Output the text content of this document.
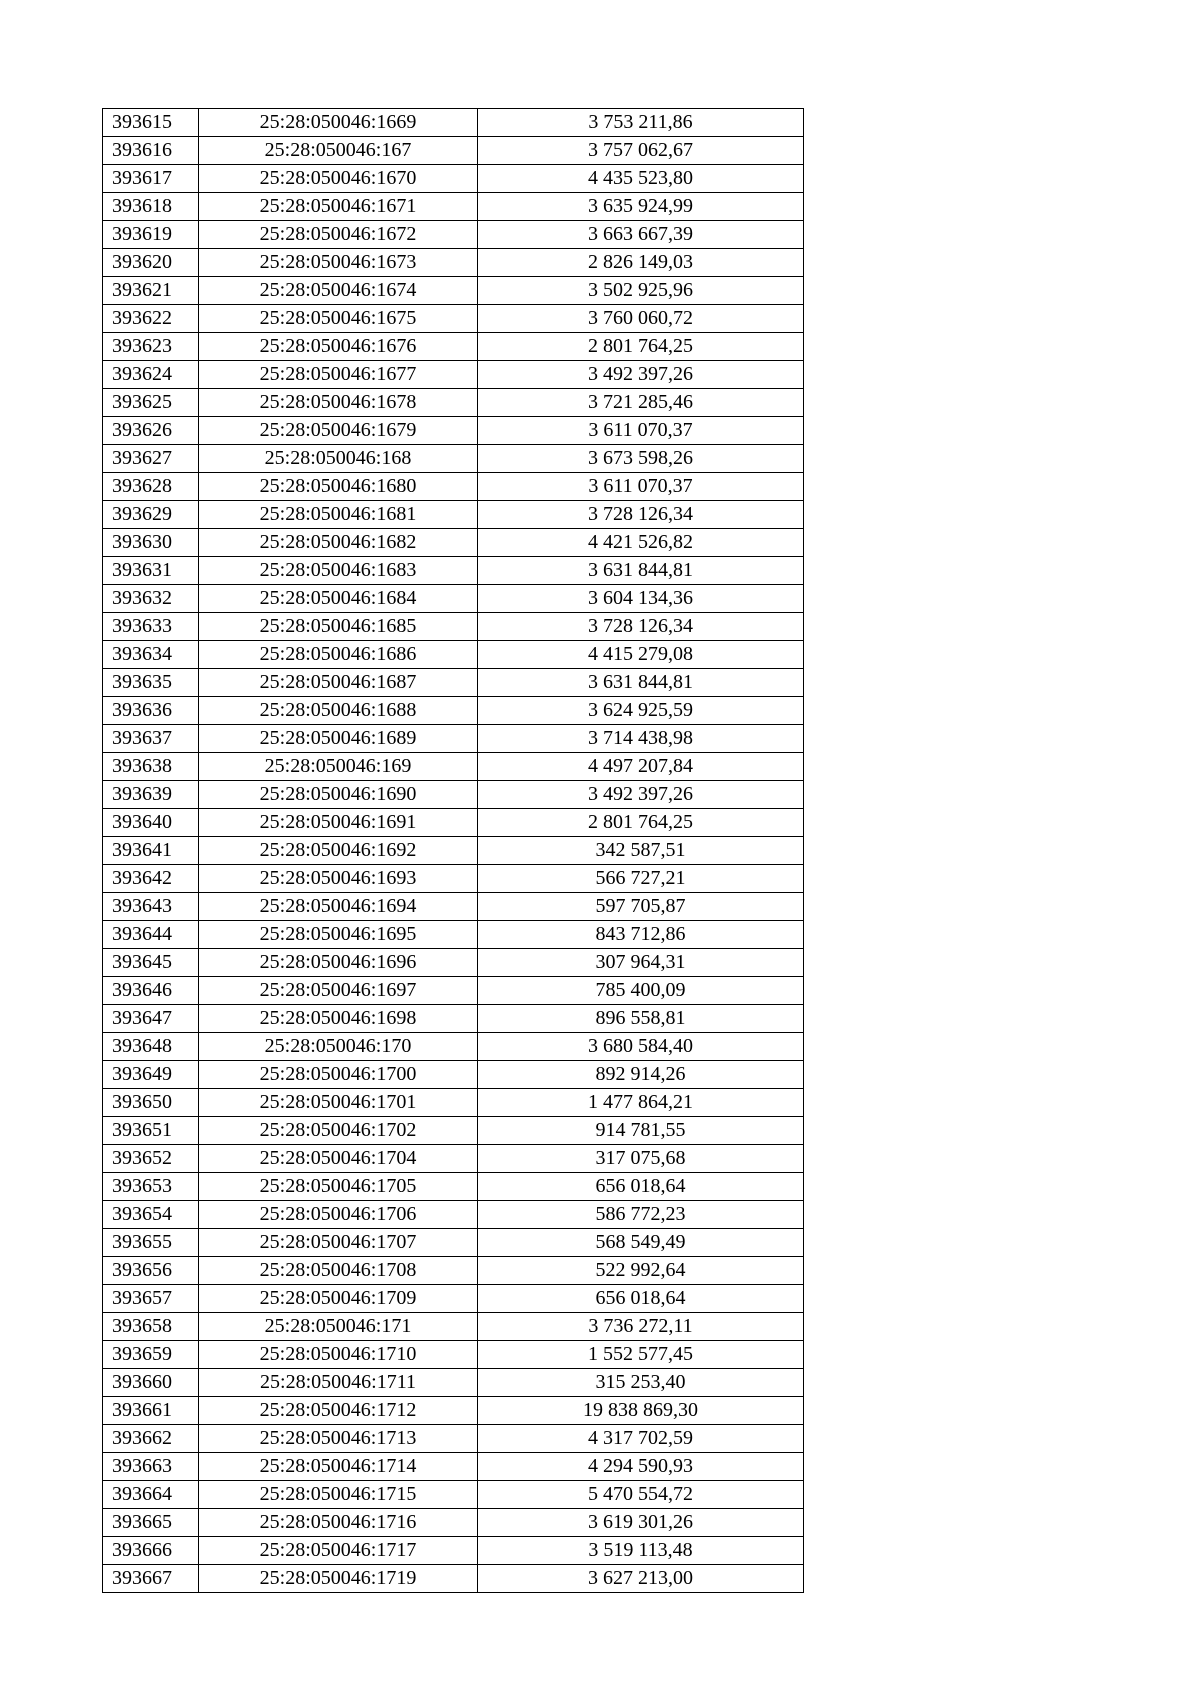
393615	25:28:050046:1669	3 753 211,86
393616	25:28:050046:167	3 757 062,67
393617	25:28:050046:1670	4 435 523,80
393618	25:28:050046:1671	3 635 924,99
393619	25:28:050046:1672	3 663 667,39
393620	25:28:050046:1673	2 826 149,03
393621	25:28:050046:1674	3 502 925,96
393622	25:28:050046:1675	3 760 060,72
393623	25:28:050046:1676	2 801 764,25
393624	25:28:050046:1677	3 492 397,26
393625	25:28:050046:1678	3 721 285,46
393626	25:28:050046:1679	3 611 070,37
393627	25:28:050046:168	3 673 598,26
393628	25:28:050046:1680	3 611 070,37
393629	25:28:050046:1681	3 728 126,34
393630	25:28:050046:1682	4 421 526,82
393631	25:28:050046:1683	3 631 844,81
393632	25:28:050046:1684	3 604 134,36
393633	25:28:050046:1685	3 728 126,34
393634	25:28:050046:1686	4 415 279,08
393635	25:28:050046:1687	3 631 844,81
393636	25:28:050046:1688	3 624 925,59
393637	25:28:050046:1689	3 714 438,98
393638	25:28:050046:169	4 497 207,84
393639	25:28:050046:1690	3 492 397,26
393640	25:28:050046:1691	2 801 764,25
393641	25:28:050046:1692	342 587,51
393642	25:28:050046:1693	566 727,21
393643	25:28:050046:1694	597 705,87
393644	25:28:050046:1695	843 712,86
393645	25:28:050046:1696	307 964,31
393646	25:28:050046:1697	785 400,09
393647	25:28:050046:1698	896 558,81
393648	25:28:050046:170	3 680 584,40
393649	25:28:050046:1700	892 914,26
393650	25:28:050046:1701	1 477 864,21
393651	25:28:050046:1702	914 781,55
393652	25:28:050046:1704	317 075,68
393653	25:28:050046:1705	656 018,64
393654	25:28:050046:1706	586 772,23
393655	25:28:050046:1707	568 549,49
393656	25:28:050046:1708	522 992,64
393657	25:28:050046:1709	656 018,64
393658	25:28:050046:171	3 736 272,11
393659	25:28:050046:1710	1 552 577,45
393660	25:28:050046:1711	315 253,40
393661	25:28:050046:1712	19 838 869,30
393662	25:28:050046:1713	4 317 702,59
393663	25:28:050046:1714	4 294 590,93
393664	25:28:050046:1715	5 470 554,72
393665	25:28:050046:1716	3 619 301,26
393666	25:28:050046:1717	3 519 113,48
393667	25:28:050046:1719	3 627 213,00
